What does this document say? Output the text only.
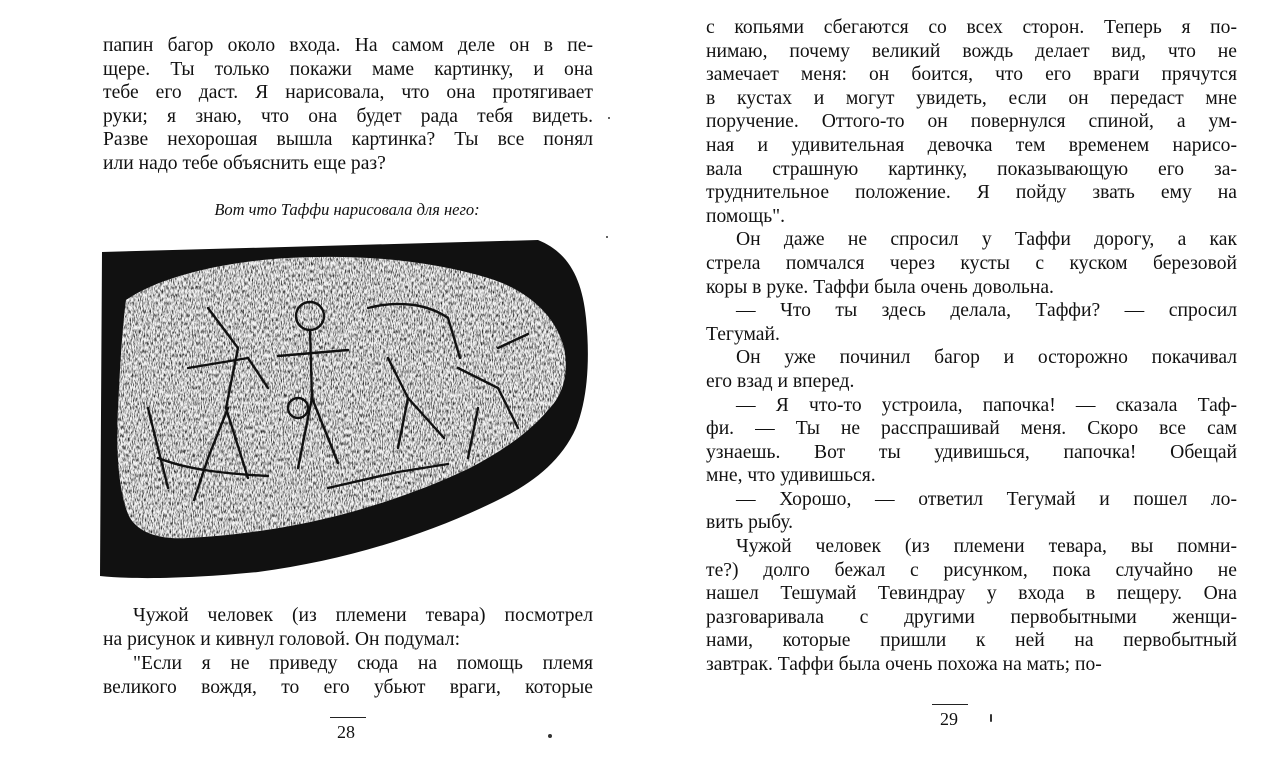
папин багор около входа. На самом деле он в пе-
щере. Ты только покажи маме картинку, и она
тебе его даст. Я нарисовала, что она протягивает
руки; я знаю, что она будет рада тебя видеть.
Разве нехорошая вышла картинка? Ты все понял
или надо тебе объяснить еще раз?
Вот что Таффи нарисовала для него:
Чужой человек (из племени тевара) посмотрел
на рисунок и кивнул головой. Он подумал:
"Если я не приведу сюда на помощь племя
великого вождя, то его убьют враги, которые
28
с копьями сбегаются со всех сторон. Теперь я по-
нимаю, почему великий вождь делает вид, что не
замечает меня: он боится, что его враги прячутся
в кустах и могут увидеть, если он передаст мне
поручение. Оттого-то он повернулся спиной, а ум-
ная и удивительная девочка тем временем нарисо-
вала страшную картинку, показывающую его за-
труднительное положение. Я пойду звать ему на
помощь".
Он даже не спросил у Таффи дорогу, а как
стрела помчался через кусты с куском березовой
коры в руке. Таффи была очень довольна.
— Что ты здесь делала, Таффи? — спросил
Тегумай.
Он уже починил багор и осторожно покачивал
его взад и вперед.
— Я что-то устроила, папочка! — сказала Таф-
фи. — Ты не расспрашивай меня. Скоро все сам
узнаешь. Вот ты удивишься, папочка! Обещай
мне, что удивишься.
— Хорошо, — ответил Тегумай и пошел ло-
вить рыбу.
Чужой человек (из племени тевара, вы помни-
те?) долго бежал с рисунком, пока случайно не
нашел Тешумай Тевиндрау у входа в пещеру. Она
разговаривала с другими первобытными женщи-
нами, которые пришли к ней на первобытный
завтрак. Таффи была очень похожа на мать; по-
29
